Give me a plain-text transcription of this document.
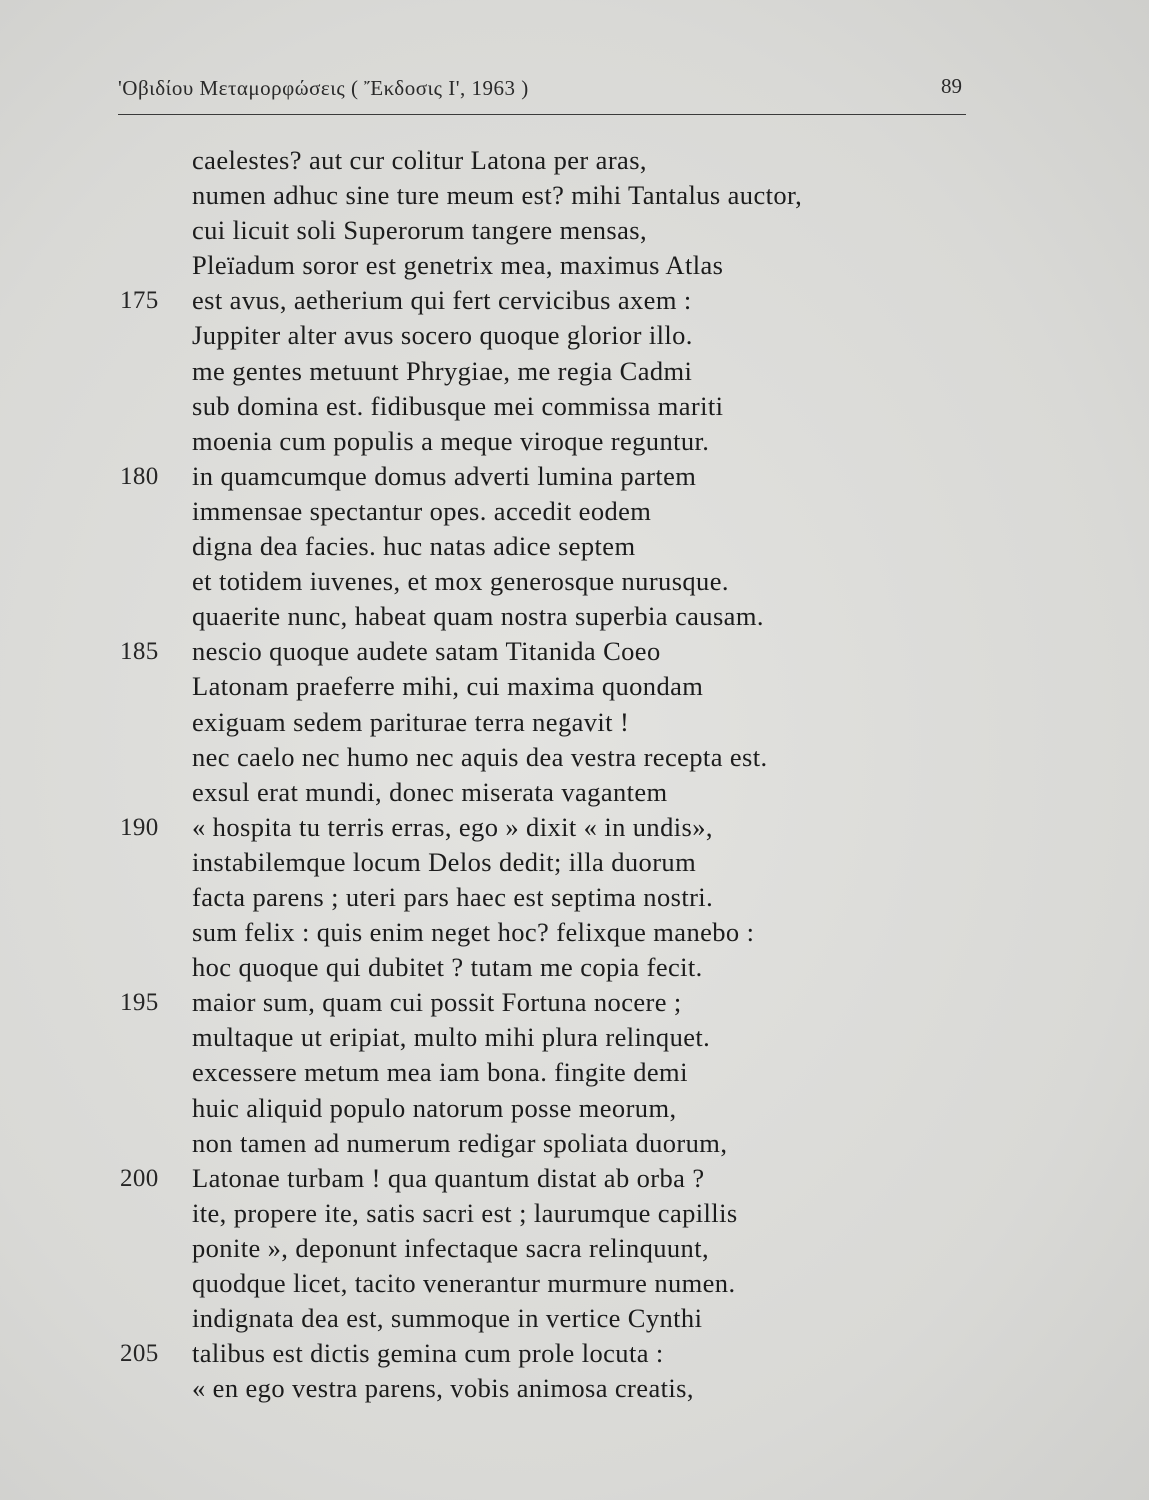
'Οβιδίου Μεταμορφώσεις ( Ἔκδοσις Ι', 1963 )	89
caelestes? aut cur colitur Latona per aras,
numen adhuc sine ture meum est? mihi Tantalus auctor,
cui licuit soli Superorum tangere mensas,
Pleïadum soror est genetrix mea, maximus Atlas
175	est avus, aetherium qui fert cervicibus axem :
Juppiter alter avus socero quoque glorior illo.
me gentes metuunt Phrygiae, me regia Cadmi
sub domina est. fidibusque mei commissa mariti
moenia cum populis a meque viroque reguntur.
180	in quamcumque domus adverti lumina partem
immensae spectantur opes. accedit eodem
digna dea facies. huc natas adice septem
et totidem iuvenes, et mox generosque nurusque.
quaerite nunc, habeat quam nostra superbia causam.
185	nescio quoque audete satam Titanida Coeo
Latonam praeferre mihi, cui maxima quondam
exiguam sedem pariturae terra negavit !
nec caelo nec humo nec aquis dea vestra recepta est.
exsul erat mundi, donec miserata vagantem
190	« hospita tu terris erras, ego » dixit « in undis»,
instabilemque locum Delos dedit; illa duorum
facta parens ; uteri pars haec est septima nostri.
sum felix : quis enim neget hoc? felixque manebo :
hoc quoque qui dubitet ? tutam me copia fecit.
195	maior sum, quam cui possit Fortuna nocere ;
multaque ut eripiat, multo mihi plura relinquet.
excessere metum mea iam bona. fingite demi
huic aliquid populo natorum posse meorum,
non tamen ad numerum redigar spoliata duorum,
200	Latonae turbam ! qua quantum distat ab orba ?
ite, propere ite, satis sacri est ; laurumque capillis
ponite », deponunt infectaque sacra relinquunt,
quodque licet, tacito venerantur murmure numen.
indignata dea est, summoque in vertice Cynthi
205	talibus est dictis gemina cum prole locuta :
« en ego vestra parens, vobis animosa creatis,
